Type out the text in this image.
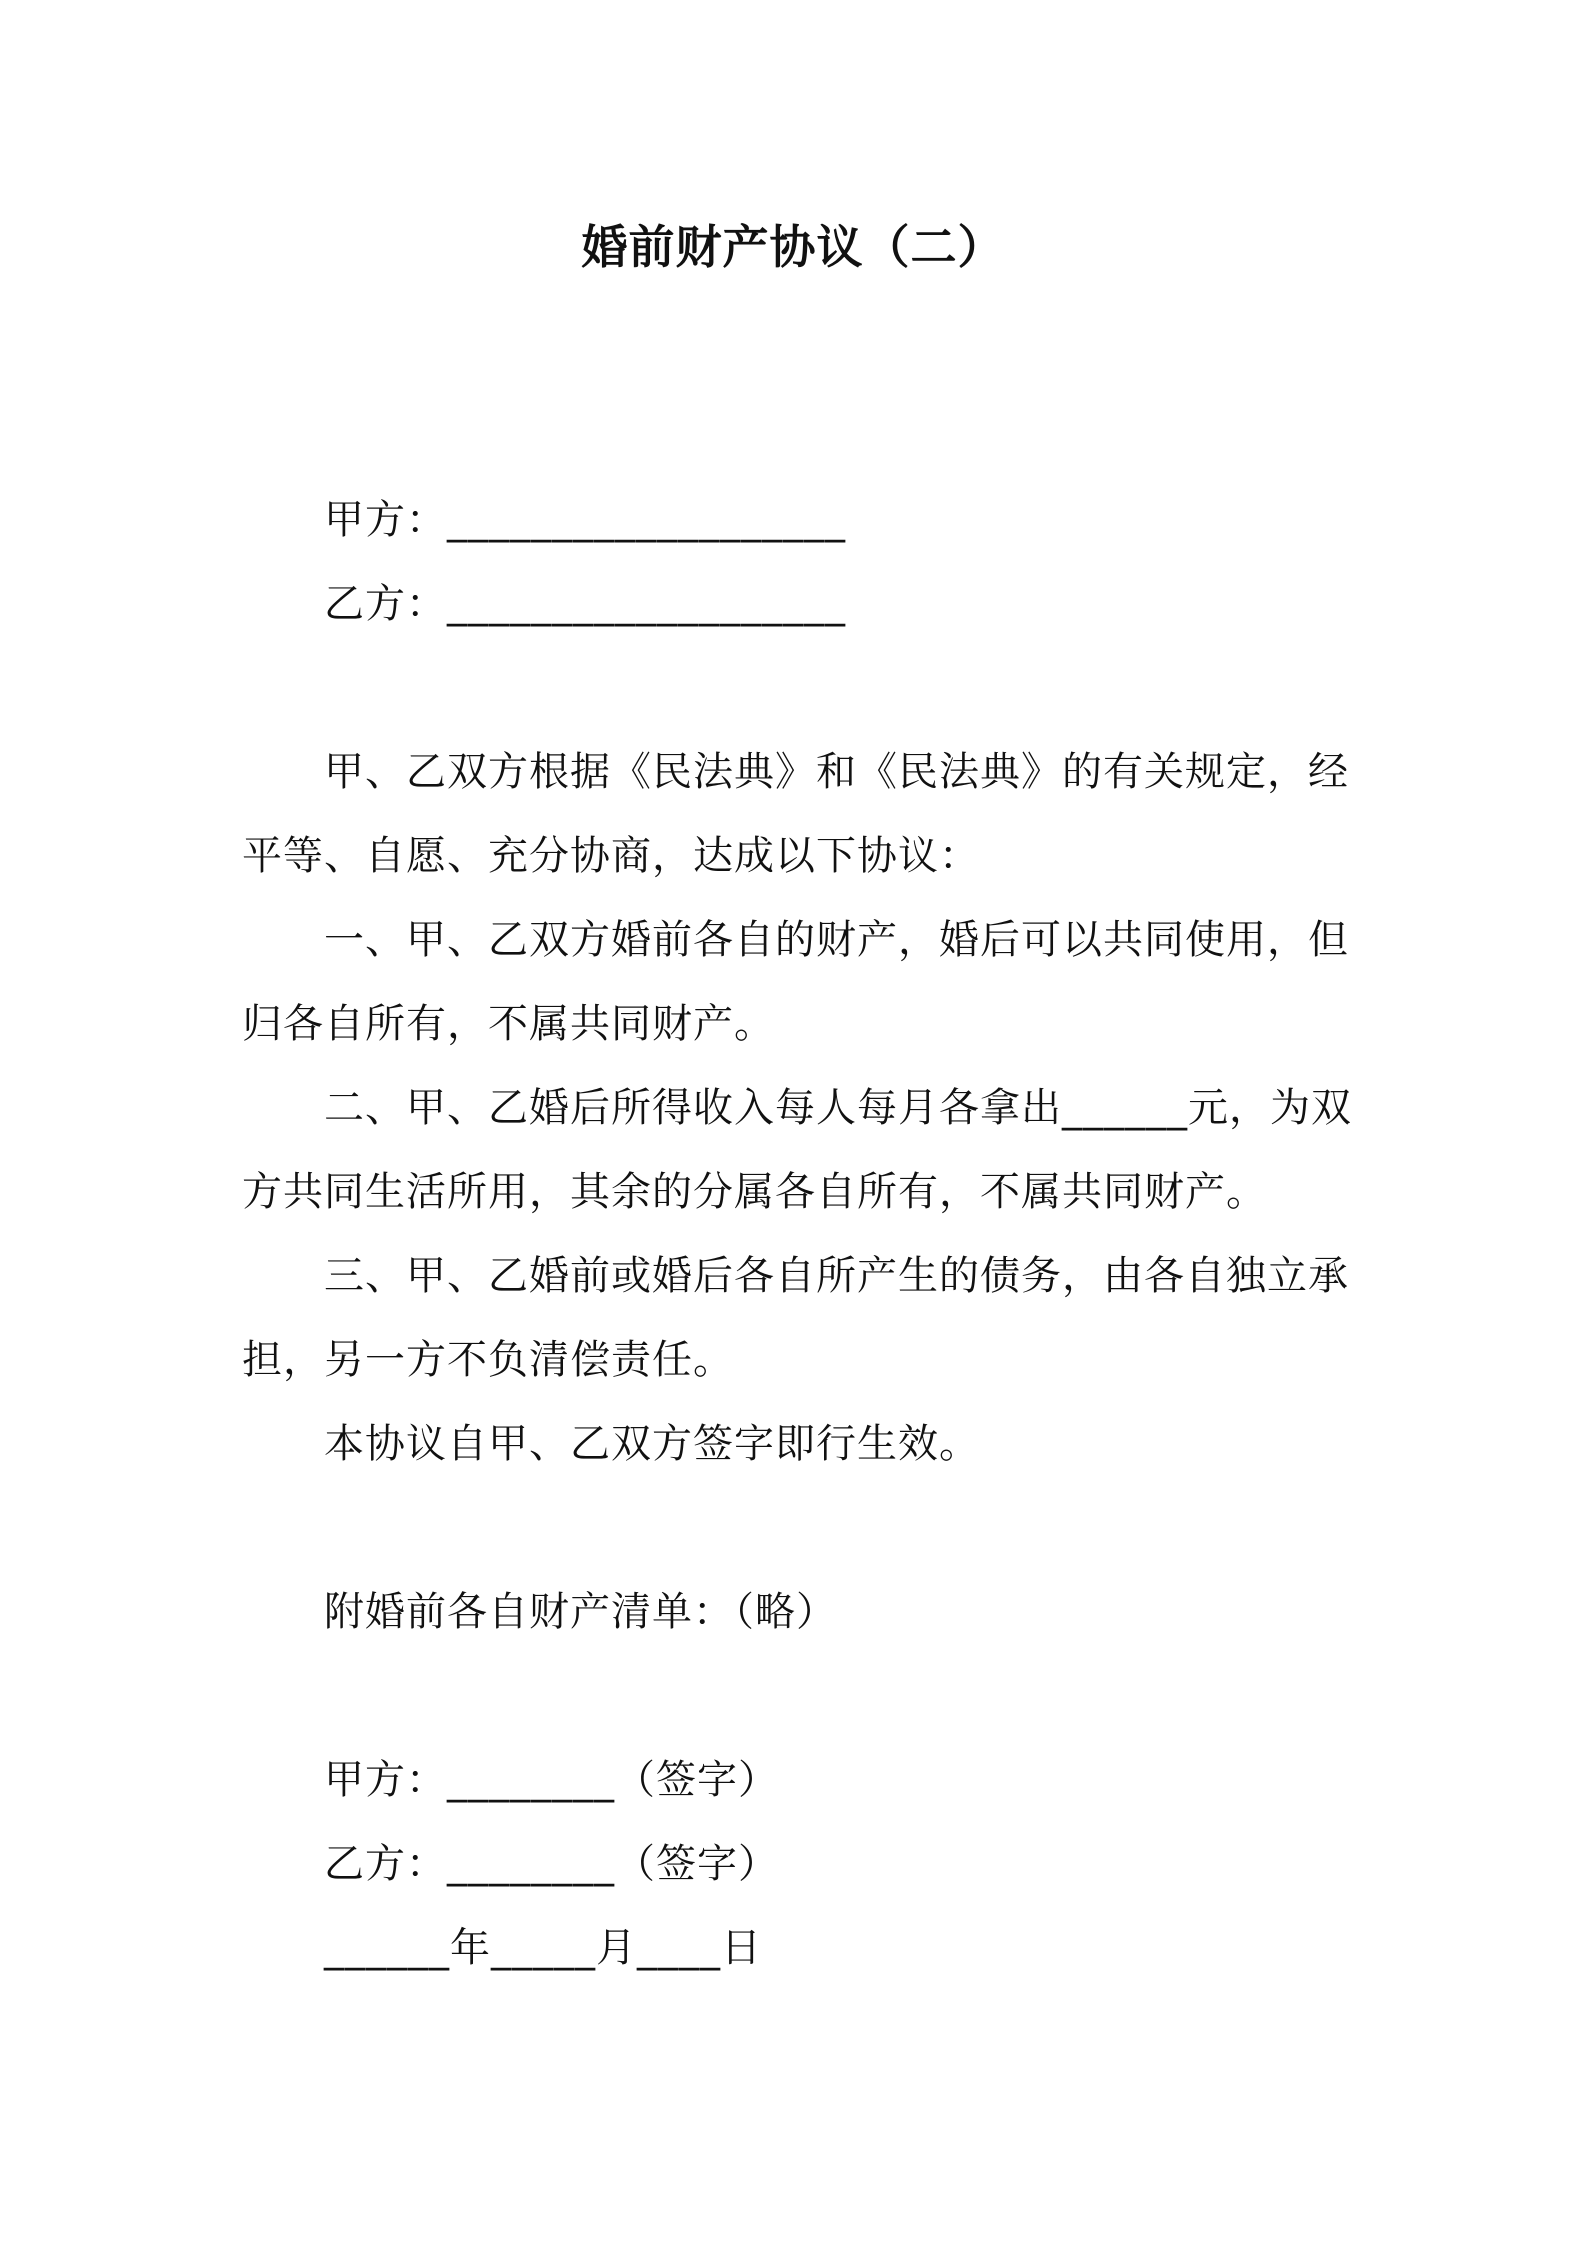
婚前财产协议（二）
甲方：___________________
乙方：___________________
甲、乙双方根据《民法典》和《民法典》的有关规定，经平等、自愿、充分协商，达成以下协议：
一、甲、乙双方婚前各自的财产，婚后可以共同使用，但归各自所有，不属共同财产。
二、甲、乙婚后所得收入每人每月各拿出______元，为双方共同生活所用，其余的分属各自所有，不属共同财产。
三、甲、乙婚前或婚后各自所产生的债务，由各自独立承担，另一方不负清偿责任。
本协议自甲、乙双方签字即行生效。
附婚前各自财产清单：（略）
甲方：________（签字）
乙方：________（签字）
______年_____月____日
